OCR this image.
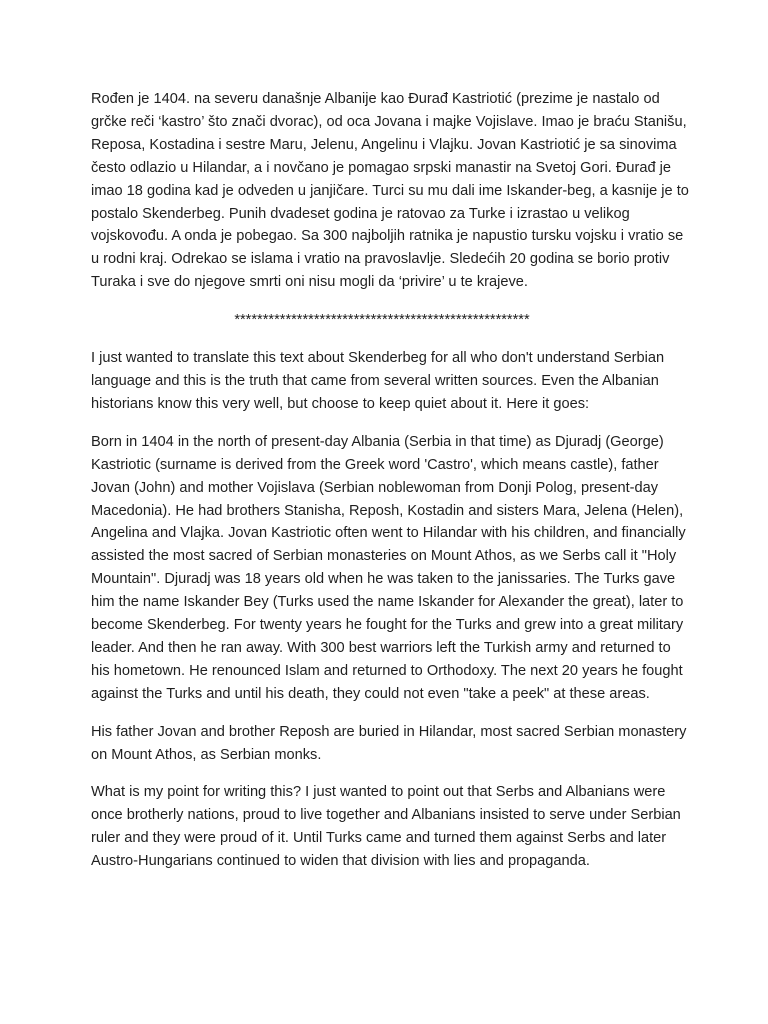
Rođen je 1404. na severu današnje Albanije kao Đurađ Kastriotić (prezime je nastalo od grčke reči ‘kastro’ što znači dvorac), od oca Jovana i majke Vojislave. Imao je braću Stanišu, Reposa, Kostadina i sestre Maru, Jelenu, Angelinu i Vlajku. Jovan Kastriotić je sa sinovima često odlazio u Hilandar, a i novčano je pomagao srpski manastir na Svetoj Gori. Đurađ je imao 18 godina kad je odveden u janjičare. Turci su mu dali ime Iskander-beg, a kasnije je to postalo Skenderbeg. Punih dvadeset godina je ratovao za Turke i izrastao u velikog vojskovođu. A onda je pobegao. Sa 300 najboljih ratnika je napustio tursku vojsku i vratio se u rodni kraj. Odrekao se islama i vratio na pravoslavlje. Sledećih 20 godina se borio protiv Turaka i sve do njegove smrti oni nisu mogli da ‘privire’ u te krajeve.

****************************************************

I just wanted to translate this text about Skenderbeg for all who don't understand Serbian language and this is the truth that came from several written sources. Even the Albanian historians know this very well, but choose to keep quiet about it. Here it goes:

Born in 1404 in the north of present-day Albania (Serbia in that time) as Djuradj (George) Kastriotic (surname is derived from the Greek word 'Castro', which means castle), father Jovan (John) and mother Vojislava (Serbian noblewoman from Donji Polog, present-day Macedonia). He had brothers Stanisha, Reposh, Kostadin and sisters Mara, Jelena (Helen), Angelina and Vlajka. Jovan Kastriotic often went to Hilandar with his children, and financially assisted the most sacred of Serbian monasteries on Mount Athos, as we Serbs call it "Holy Mountain". Djuradj was 18 years old when he was taken to the janissaries. The Turks gave him the name Iskander Bey (Turks used the name Iskander for Alexander the great), later to become Skenderbeg. For twenty years he fought for the Turks and grew into a great military leader. And then he ran away. With 300 best warriors left the Turkish army and returned to his hometown. He renounced Islam and returned to Orthodoxy. The next 20 years he fought against the Turks and until his death, they could not even "take a peek" at these areas.

His father Jovan and brother Reposh are buried in Hilandar, most sacred Serbian monastery on Mount Athos, as Serbian monks.

What is my point for writing this? I just wanted to point out that Serbs and Albanians were once brotherly nations, proud to live together and Albanians insisted to serve under Serbian ruler and they were proud of it. Until Turks came and turned them against Serbs and later Austro-Hungarians continued to widen that division with lies and propaganda.
